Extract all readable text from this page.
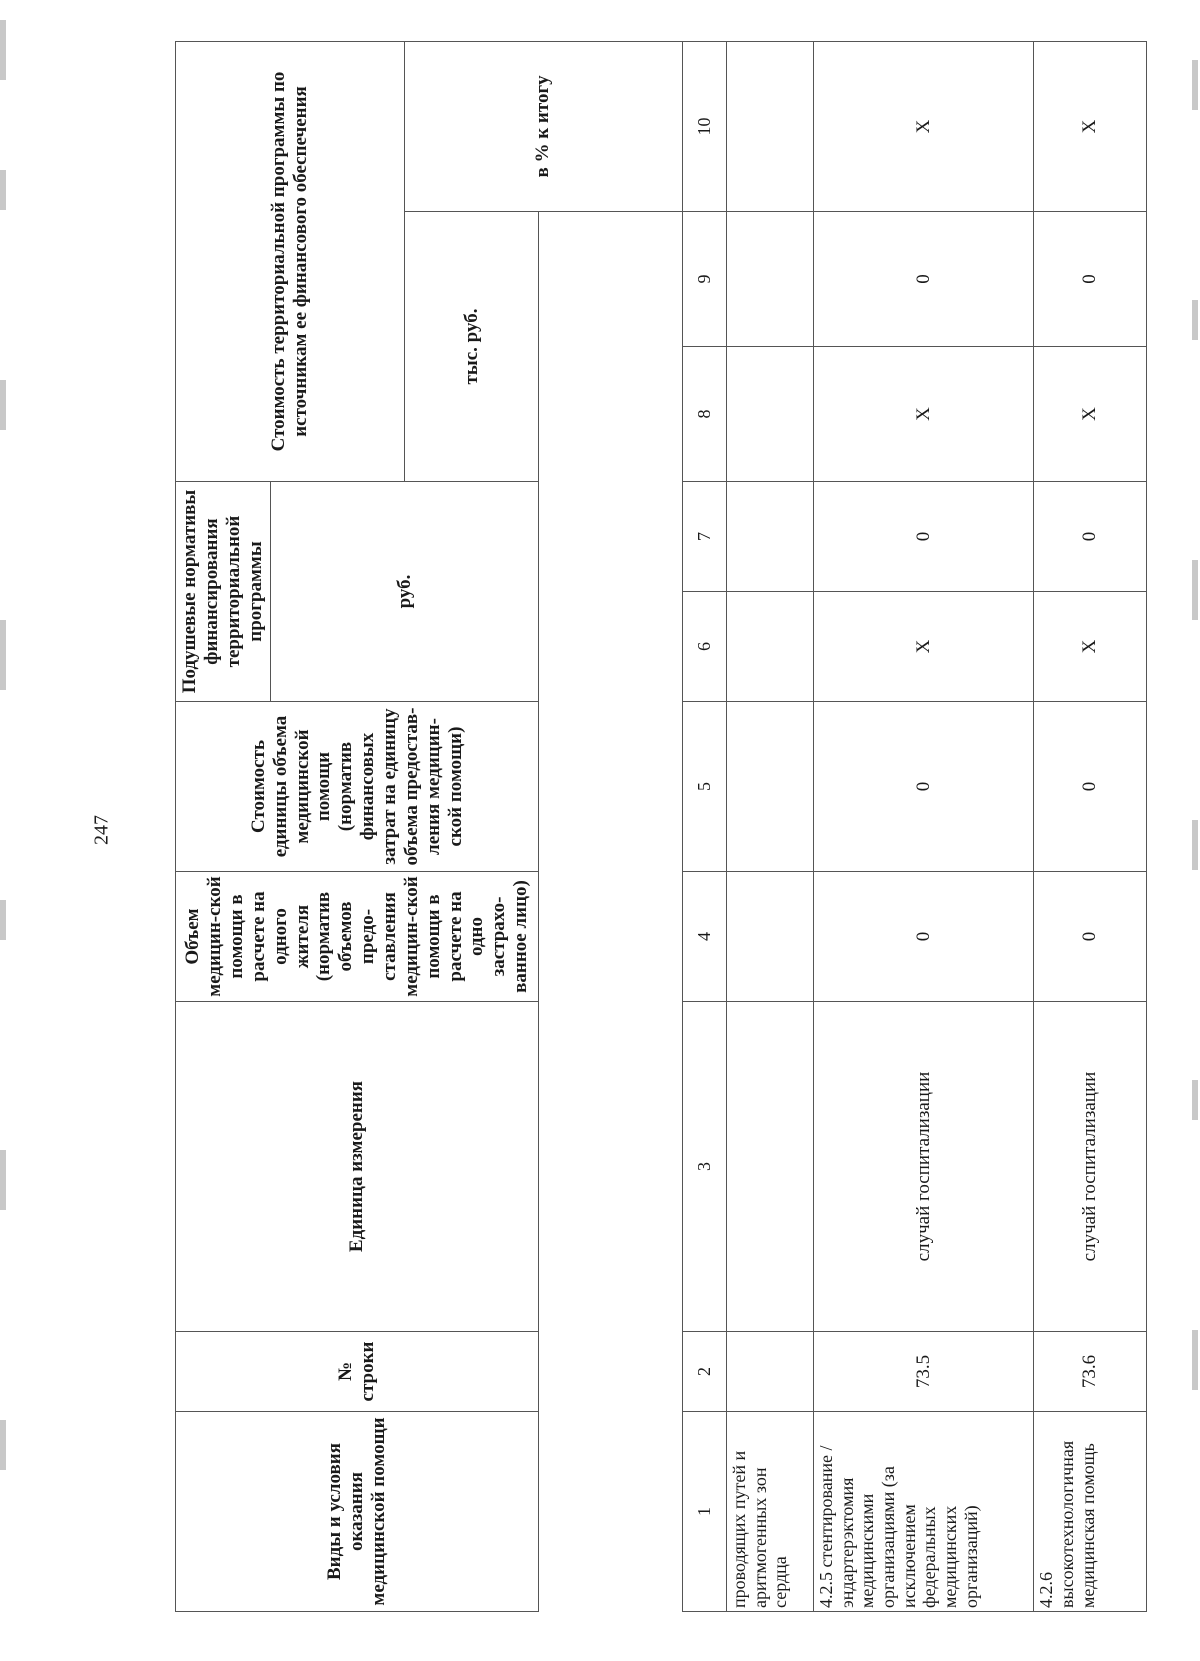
247
Виды и условия оказания медицинской помощи	№ строки	Единица измерения	Объем медицин-ской помощи в расчете на одного жителя (норматив объемов предо-ставления медицин-ской помощи в расчете на одно застрахо-ванное лицо)	Стоимость единицы объема медицинской помощи (норматив финансовых затрат на единицу объема предостав-ления медицин-ской помощи)	Подушевые нормативы финансирования территориальной программы		Стоимость территориальной программы по источникам ее финансового обеспечения		
					руб.				
							тыс. руб.		в % к итогу

1	2	3	4	5	6	7	8	9	10
проводящих путей и аритмогенных зон сердца									
4.2.5 стентирование / эндартерэктомия медицинскими организациями (за исключением федеральных медицинских организаций)	73.5	случай госпитализации	0	0	Х	0	Х	0	Х
4.2.6 высокотехнологичная медицинская помощь	73.6	случай госпитализации	0	0	Х	0	Х	0	Х
